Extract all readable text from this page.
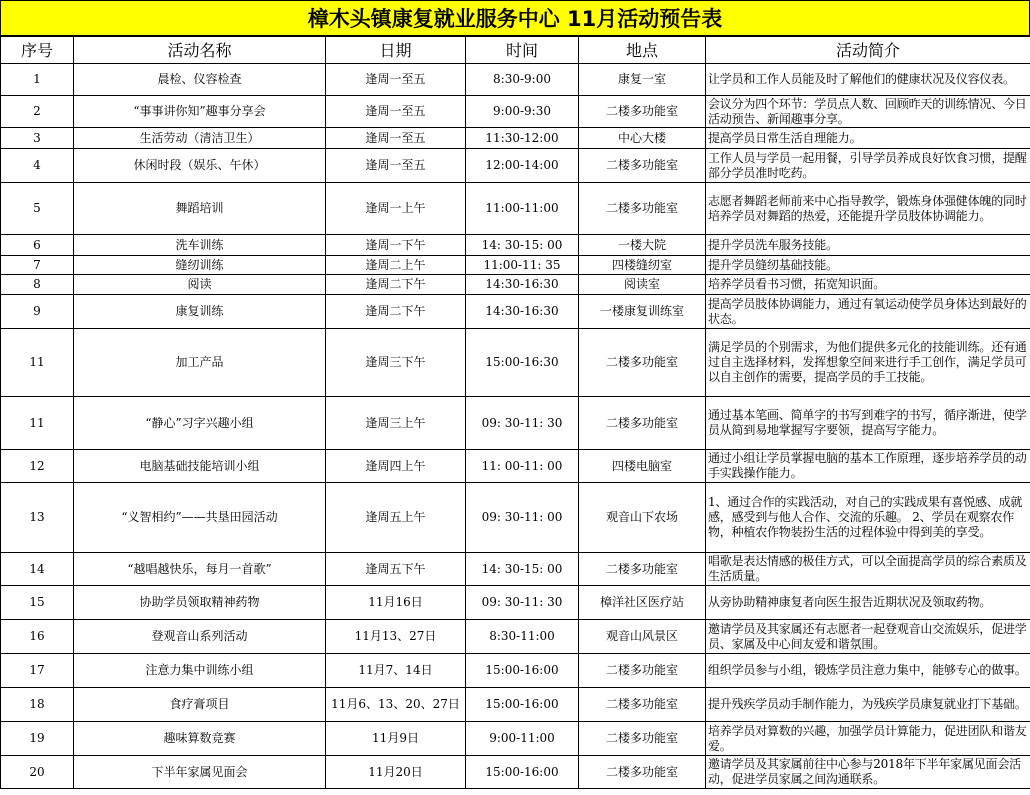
樟木头镇康复就业服务中心 11月活动预告表
序号	活动名称	日期	时间	地点	活动简介
1	晨检、仪容检查	逢周一至五	8:30-9:00	康复一室	让学员和工作人员能及时了解他们的健康状况及仪容仪表。
2	“事事讲你知”趣事分享会	逢周一至五	9:00-9:30	二楼多功能室	会议分为四个环节：学员点人数、回顾昨天的训练情况、今日活动预告、新闻趣事分享。
3	生活劳动（清洁卫生）	逢周一至五	11:30-12:00	中心大楼	提高学员日常生活自理能力。
4	休闲时段（娱乐、午休）	逢周一至五	12:00-14:00	二楼多功能室	工作人员与学员一起用餐，引导学员养成良好饮食习惯，提醒部分学员准时吃药。
5	舞蹈培训	逢周一上午	11:00-11:00	二楼多功能室	志愿者舞蹈老师前来中心指导教学，锻炼身体强健体魄的同时培养学员对舞蹈的热爱，还能提升学员肢体协调能力。
6	洗车训练	逢周一下午	14: 30-15: 00	一楼大院	提升学员洗车服务技能。
7	缝纫训练	逢周二上午	11:00-11: 35	四楼缝纫室	提升学员缝纫基础技能。
8	阅读	逢周二下午	14:30-16:30	阅读室	培养学员看书习惯，拓宽知识面。
9	康复训练	逢周二下午	14:30-16:30	一楼康复训练室	提高学员肢体协调能力，通过有氧运动使学员身体达到最好的状态。
11	加工产品	逢周三下午	15:00-16:30	二楼多功能室	满足学员的个别需求，为他们提供多元化的技能训练。还有通过自主选择材料，发挥想象空间来进行手工创作，满足学员可以自主创作的需要，提高学员的手工技能。
11	“静心”习字兴趣小组	逢周三上午	09: 30-11: 30	二楼多功能室	通过基本笔画、简单字的书写到难字的书写，循序渐进，使学员从简到易地掌握写字要领，提高写字能力。
12	电脑基础技能培训小组	逢周四上午	11: 00-11: 00	四楼电脑室	通过小组让学员掌握电脑的基本工作原理，逐步培养学员的动手实践操作能力。
13	“义智相约”——共垦田园活动	逢周五上午	09: 30-11: 00	观音山下农场	1、通过合作的实践活动，对自己的实践成果有喜悦感、成就感，感受到与他人合作、交流的乐趣。 2、学员在观察农作物，种植农作物装扮生活的过程体验中得到美的享受。
14	“越唱越快乐，每月一首歌”	逢周五下午	14: 30-15: 00	二楼多功能室	唱歌是表达情感的极佳方式，可以全面提高学员的综合素质及生活质量。
15	协助学员领取精神药物	11月16日	09: 30-11: 30	樟洋社区医疗站	从旁协助精神康复者向医生报告近期状况及领取药物。
16	登观音山系列活动	11月13、27日	8:30-11:00	观音山风景区	邀请学员及其家属还有志愿者一起登观音山交流娱乐，促进学员、家属及中心间友爱和谐氛围。
17	注意力集中训练小组	11月7、14日	15:00-16:00	二楼多功能室	组织学员参与小组，锻炼学员注意力集中，能够专心的做事。
18	食疗膏项目	11月6、13、20、27日	15:00-16:00	二楼多功能室	提升残疾学员动手制作能力，为残疾学员康复就业打下基础。
19	趣味算数竞赛	11月9日	9:00-11:00	二楼多功能室	培养学员对算数的兴趣，加强学员计算能力，促进团队和谐友爱。
20	下半年家属见面会	11月20日	15:00-16:00	二楼多功能室	邀请学员及其家属前往中心参与2018年下半年家属见面会活动，促进学员家属之间沟通联系。
